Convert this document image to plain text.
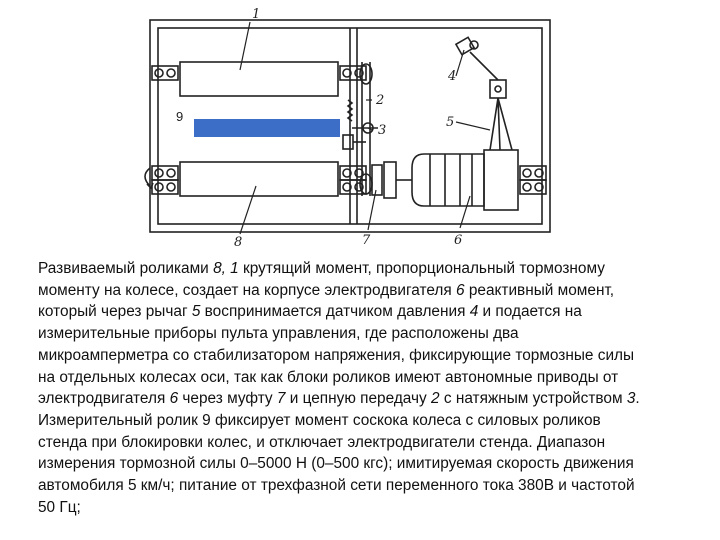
1
2
3
4
5
6
7
8
9

Развиваемый роликами 8, 1 крутящий момент, пропорциональный тормозному
моменту на колесе, создает на корпусе электродвигателя 6 реактивный момент,
который через рычаг 5 воспринимается датчиком давления 4 и подается на
измерительные приборы пульта управления, где расположены два
микроамперметра со стабилизатором напряжения, фиксирующие тормозные силы
на отдельных колесах оси, так как блоки роликов имеют автономные приводы от
электродвигателя 6 через муфту 7 и цепную передачу 2 с натяжным устройством 3.
Измерительный ролик 9 фиксирует момент соскока колеса с силовых роликов
стенда при блокировки колес, и отключает электродвигатели стенда. Диапазон
измерения тормозной силы 0–5000 Н (0–500 кгс); имитируемая скорость движения
автомобиля 5 км/ч; питание от трехфазной сети переменного тока 380В и частотой
50 Гц;
